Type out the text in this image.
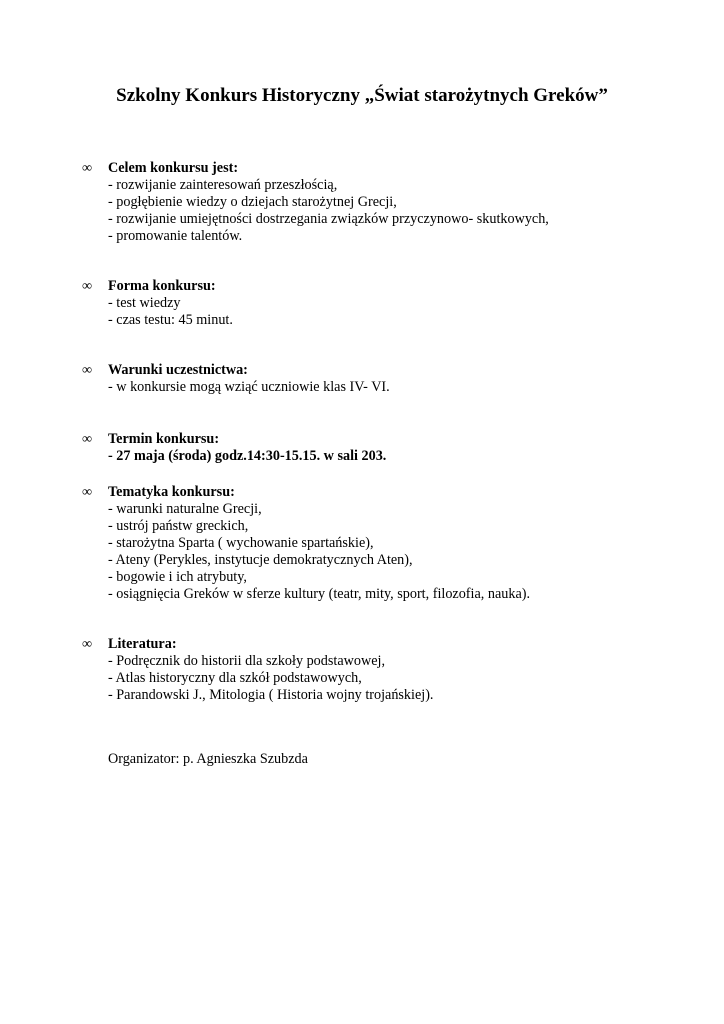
Szkolny Konkurs Historyczny „Świat starożytnych Greków”
∞	Celem konkursu jest:

- rozwijanie zainteresowań przeszłością,

- pogłębienie wiedzy o dziejach starożytnej Grecji,

- rozwijanie umiejętności dostrzegania związków przyczynowo- skutkowych,

- promowanie talentów.

∞	Forma konkursu:

- test wiedzy

- czas testu: 45 minut.

∞	Warunki uczestnictwa:

- w konkursie mogą wziąć uczniowie klas IV- VI.

∞	Termin konkursu:

- 27 maja (środa) godz.14:30-15.15. w sali 203.

∞	Tematyka konkursu:

- warunki naturalne Grecji,

- ustrój państw greckich,

- starożytna Sparta ( wychowanie spartańskie),

- Ateny (Perykles, instytucje demokratycznych Aten),

- bogowie i ich atrybuty,

- osiągnięcia Greków w sferze kultury (teatr, mity, sport, filozofia, nauka).

∞	Literatura:

- Podręcznik do historii dla szkoły podstawowej,

- Atlas historyczny dla szkół podstawowych,

- Parandowski J., Mitologia ( Historia wojny trojańskiej).

Organizator: p. Agnieszka Szubzda
